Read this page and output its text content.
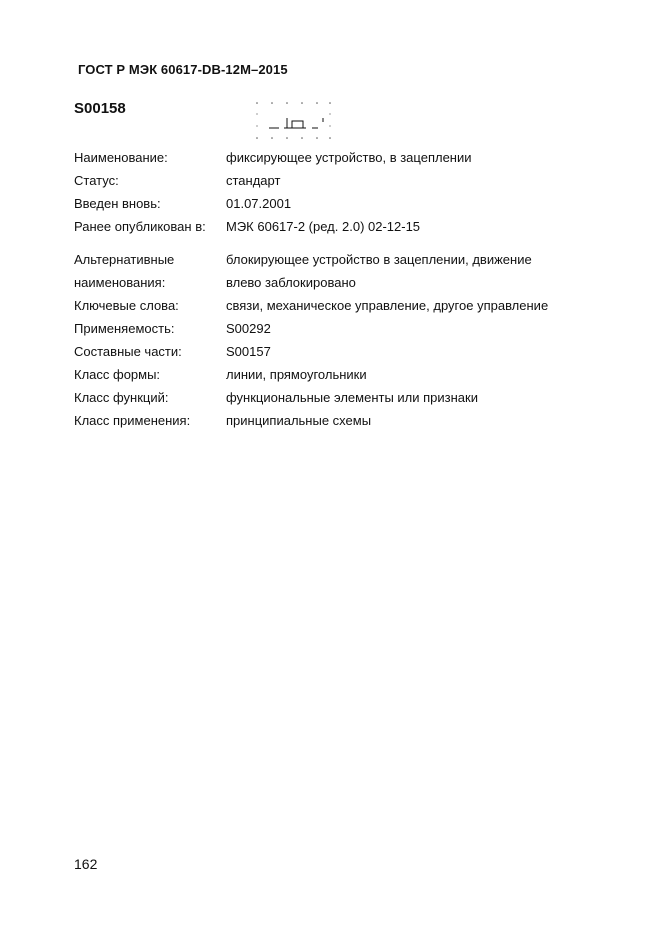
ГОСТ Р МЭК 60617-DB-12M–2015
S00158
Наименование:	фиксирующее устройство, в зацеплении
Статус:	стандарт
Введен вновь:	01.07.2001
Ранее опубликован в: МЭК 60617-2 (ред. 2.0) 02-12-15
Альтернативные	блокирующее устройство в зацеплении, движение
наименования:	влево заблокировано
Ключевые слова:	связи, механическое управление, другое управление
Применяемость:	S00292
Составные части:	S00157
Класс формы:	линии, прямоугольники
Класс функций:	функциональные элементы или признаки
Класс применения:	принципиальные схемы
162
